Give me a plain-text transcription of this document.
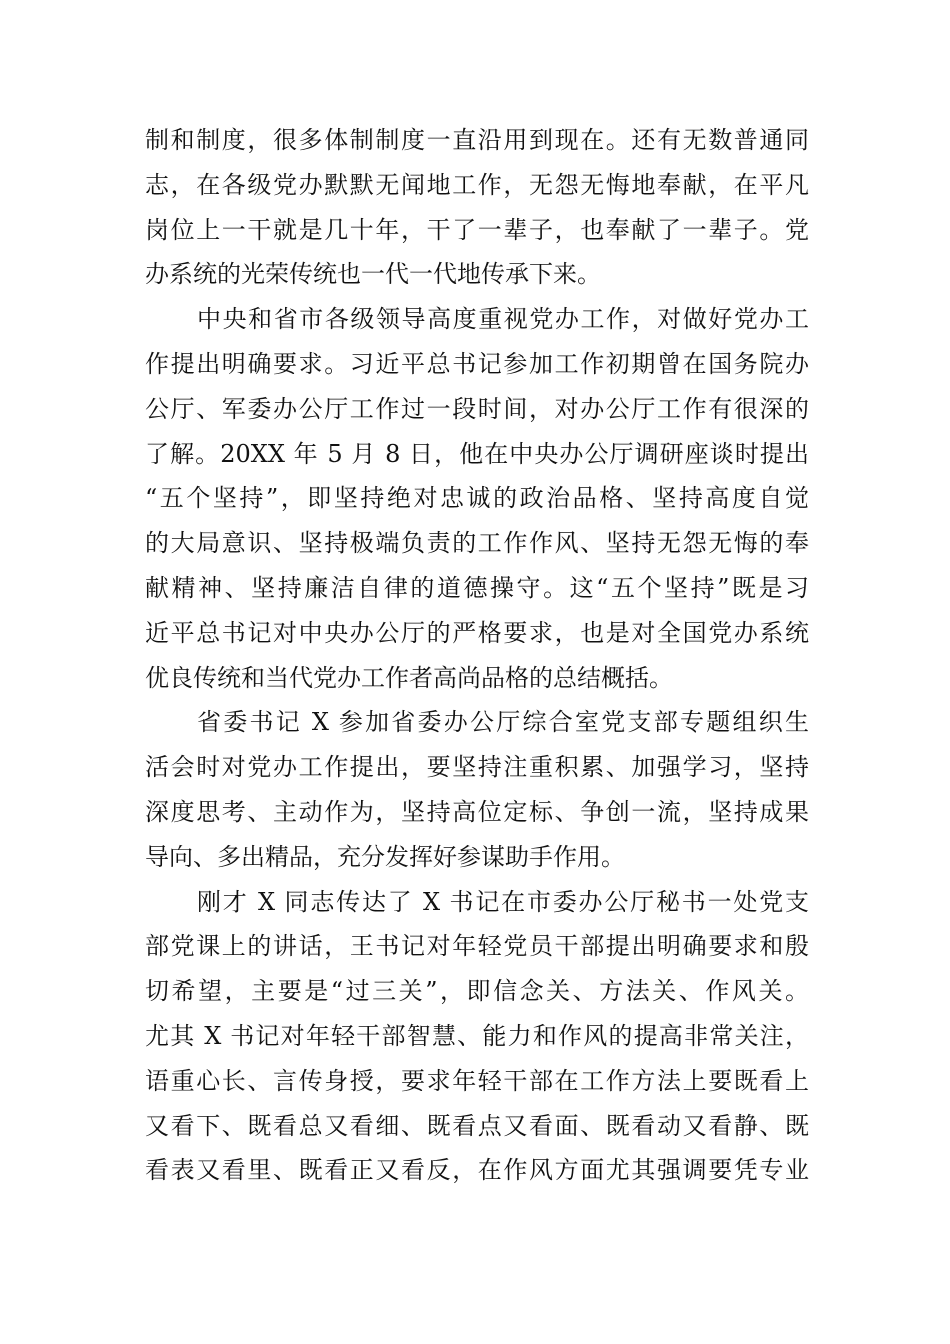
制和制度，很多体制制度一直沿用到现在。还有无数普通同
志，在各级党办默默无闻地工作，无怨无悔地奉献，在平凡
岗位上一干就是几十年，干了一辈子，也奉献了一辈子。党
办系统的光荣传统也一代一代地传承下来。
中央和省市各级领导高度重视党办工作，对做好党办工
作提出明确要求。习近平总书记参加工作初期曾在国务院办
公厅、军委办公厅工作过一段时间，对办公厅工作有很深的
了解。20XX 年 5 月 8 日，他在中央办公厅调研座谈时提出
“五个坚持”，即坚持绝对忠诚的政治品格、坚持高度自觉
的大局意识、坚持极端负责的工作作风、坚持无怨无悔的奉
献精神、坚持廉洁自律的道德操守。这“五个坚持”既是习
近平总书记对中央办公厅的严格要求，也是对全国党办系统
优良传统和当代党办工作者高尚品格的总结概括。
省委书记 X 参加省委办公厅综合室党支部专题组织生
活会时对党办工作提出，要坚持注重积累、加强学习，坚持
深度思考、主动作为，坚持高位定标、争创一流，坚持成果
导向、多出精品，充分发挥好参谋助手作用。
刚才 X 同志传达了 X 书记在市委办公厅秘书一处党支
部党课上的讲话，王书记对年轻党员干部提出明确要求和殷
切希望，主要是“过三关”，即信念关、方法关、作风关。
尤其 X 书记对年轻干部智慧、能力和作风的提高非常关注，
语重心长、言传身授，要求年轻干部在工作方法上要既看上
又看下、既看总又看细、既看点又看面、既看动又看静、既
看表又看里、既看正又看反，在作风方面尤其强调要凭专业
